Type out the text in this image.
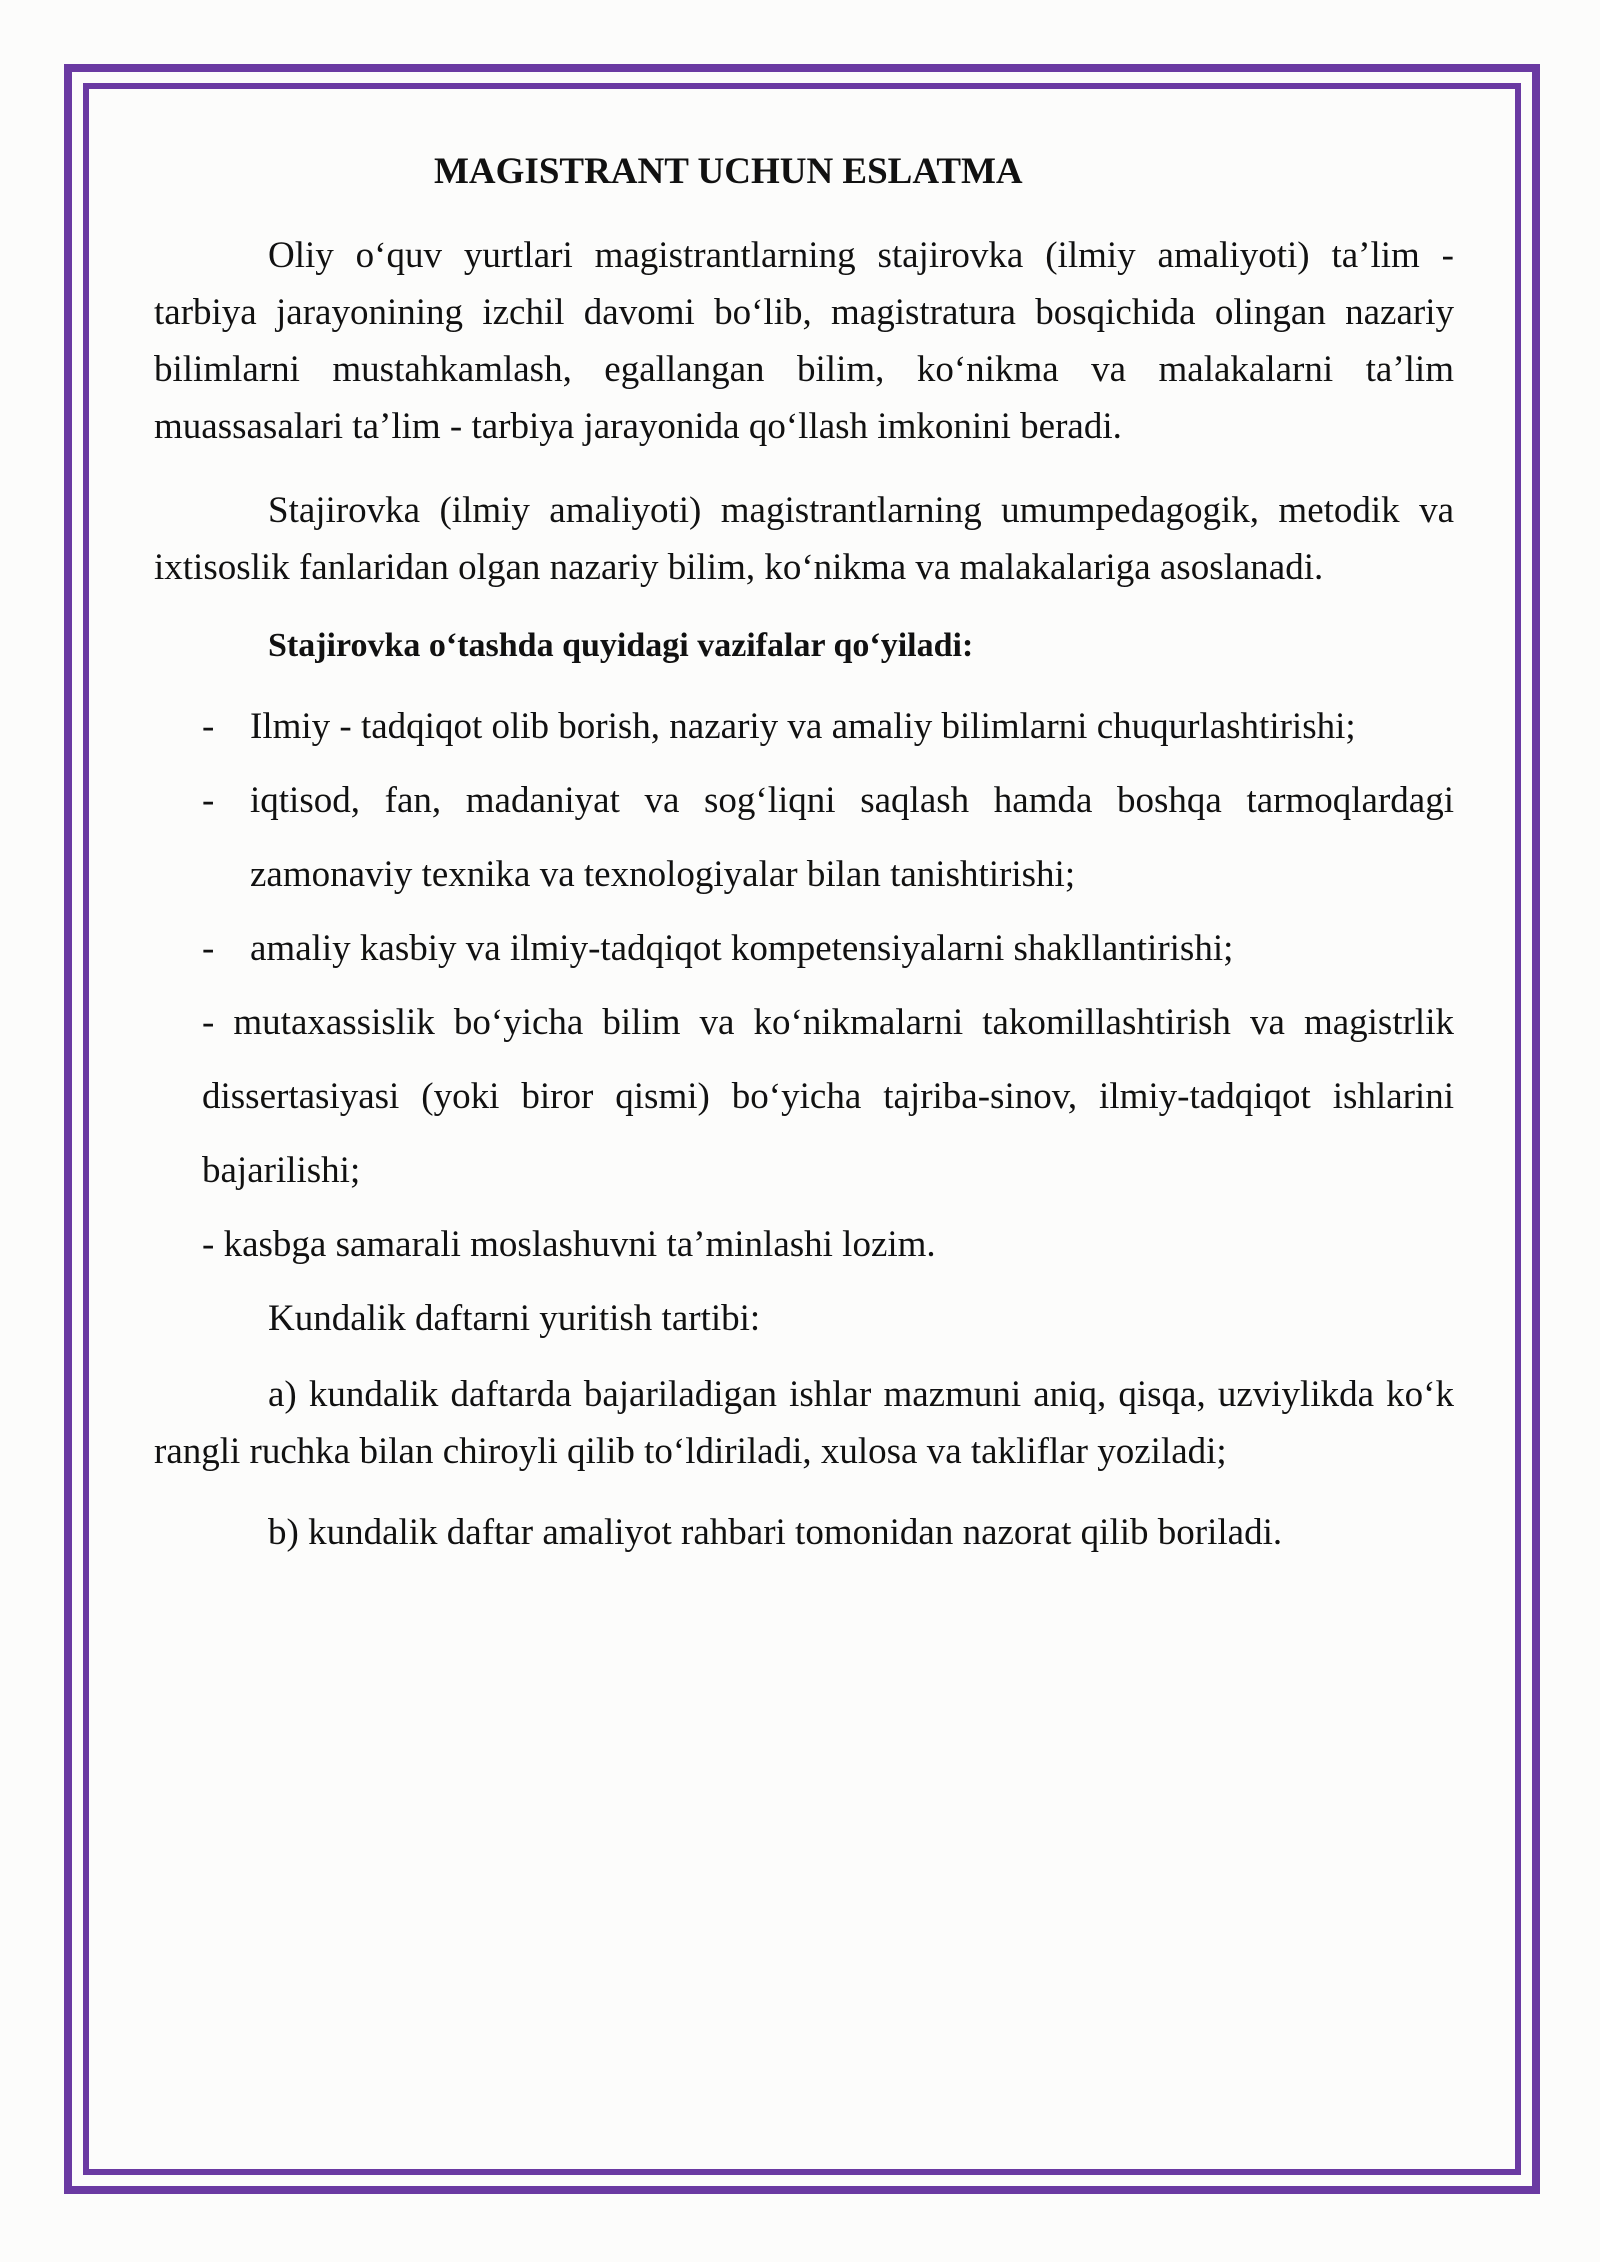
MAGISTRANT UCHUN ESLATMA

Oliy o‘quv yurtlari magistrantlarning stajirovka (ilmiy amaliyoti) ta’lim - tarbiya jarayonining izchil davomi bo‘lib, magistratura bosqichida olingan nazariy bilimlarni mustahkamlash, egallangan bilim, ko‘nikma va malakalarni ta’lim muassasalari ta’lim - tarbiya jarayonida qo‘llash imkonini beradi.

Stajirovka (ilmiy amaliyoti) magistrantlarning umumpedagogik, metodik va ixtisoslik fanlaridan olgan nazariy bilim, ko‘nikma va malakalariga asoslanadi.

Stajirovka o‘tashda quyidagi vazifalar qo‘yiladi:
- Ilmiy - tadqiqot olib borish, nazariy va amaliy bilimlarni chuqurlashtirishi;
- iqtisod, fan, madaniyat va sog‘liqni saqlash hamda boshqa tarmoqlardagi zamonaviy texnika va texnologiyalar bilan tanishtirishi;
- amaliy kasbiy va ilmiy-tadqiqot kompetensiyalarni shakllantirishi;
- mutaxassislik bo‘yicha bilim va ko‘nikmalarni takomillashtirish va magistrlik dissertasiyasi (yoki biror qismi) bo‘yicha tajriba-sinov, ilmiy-tadqiqot ishlarini bajarilishi;
- kasbga samarali moslashuvni ta’minlashi lozim.
Kundalik daftarni yuritish tartibi:

a) kundalik daftarda bajariladigan ishlar mazmuni aniq, qisqa, uzviylikda ko‘k rangli ruchka bilan chiroyli qilib to‘ldiriladi, xulosa va takliflar yoziladi;

b) kundalik daftar amaliyot rahbari tomonidan nazorat qilib boriladi.
